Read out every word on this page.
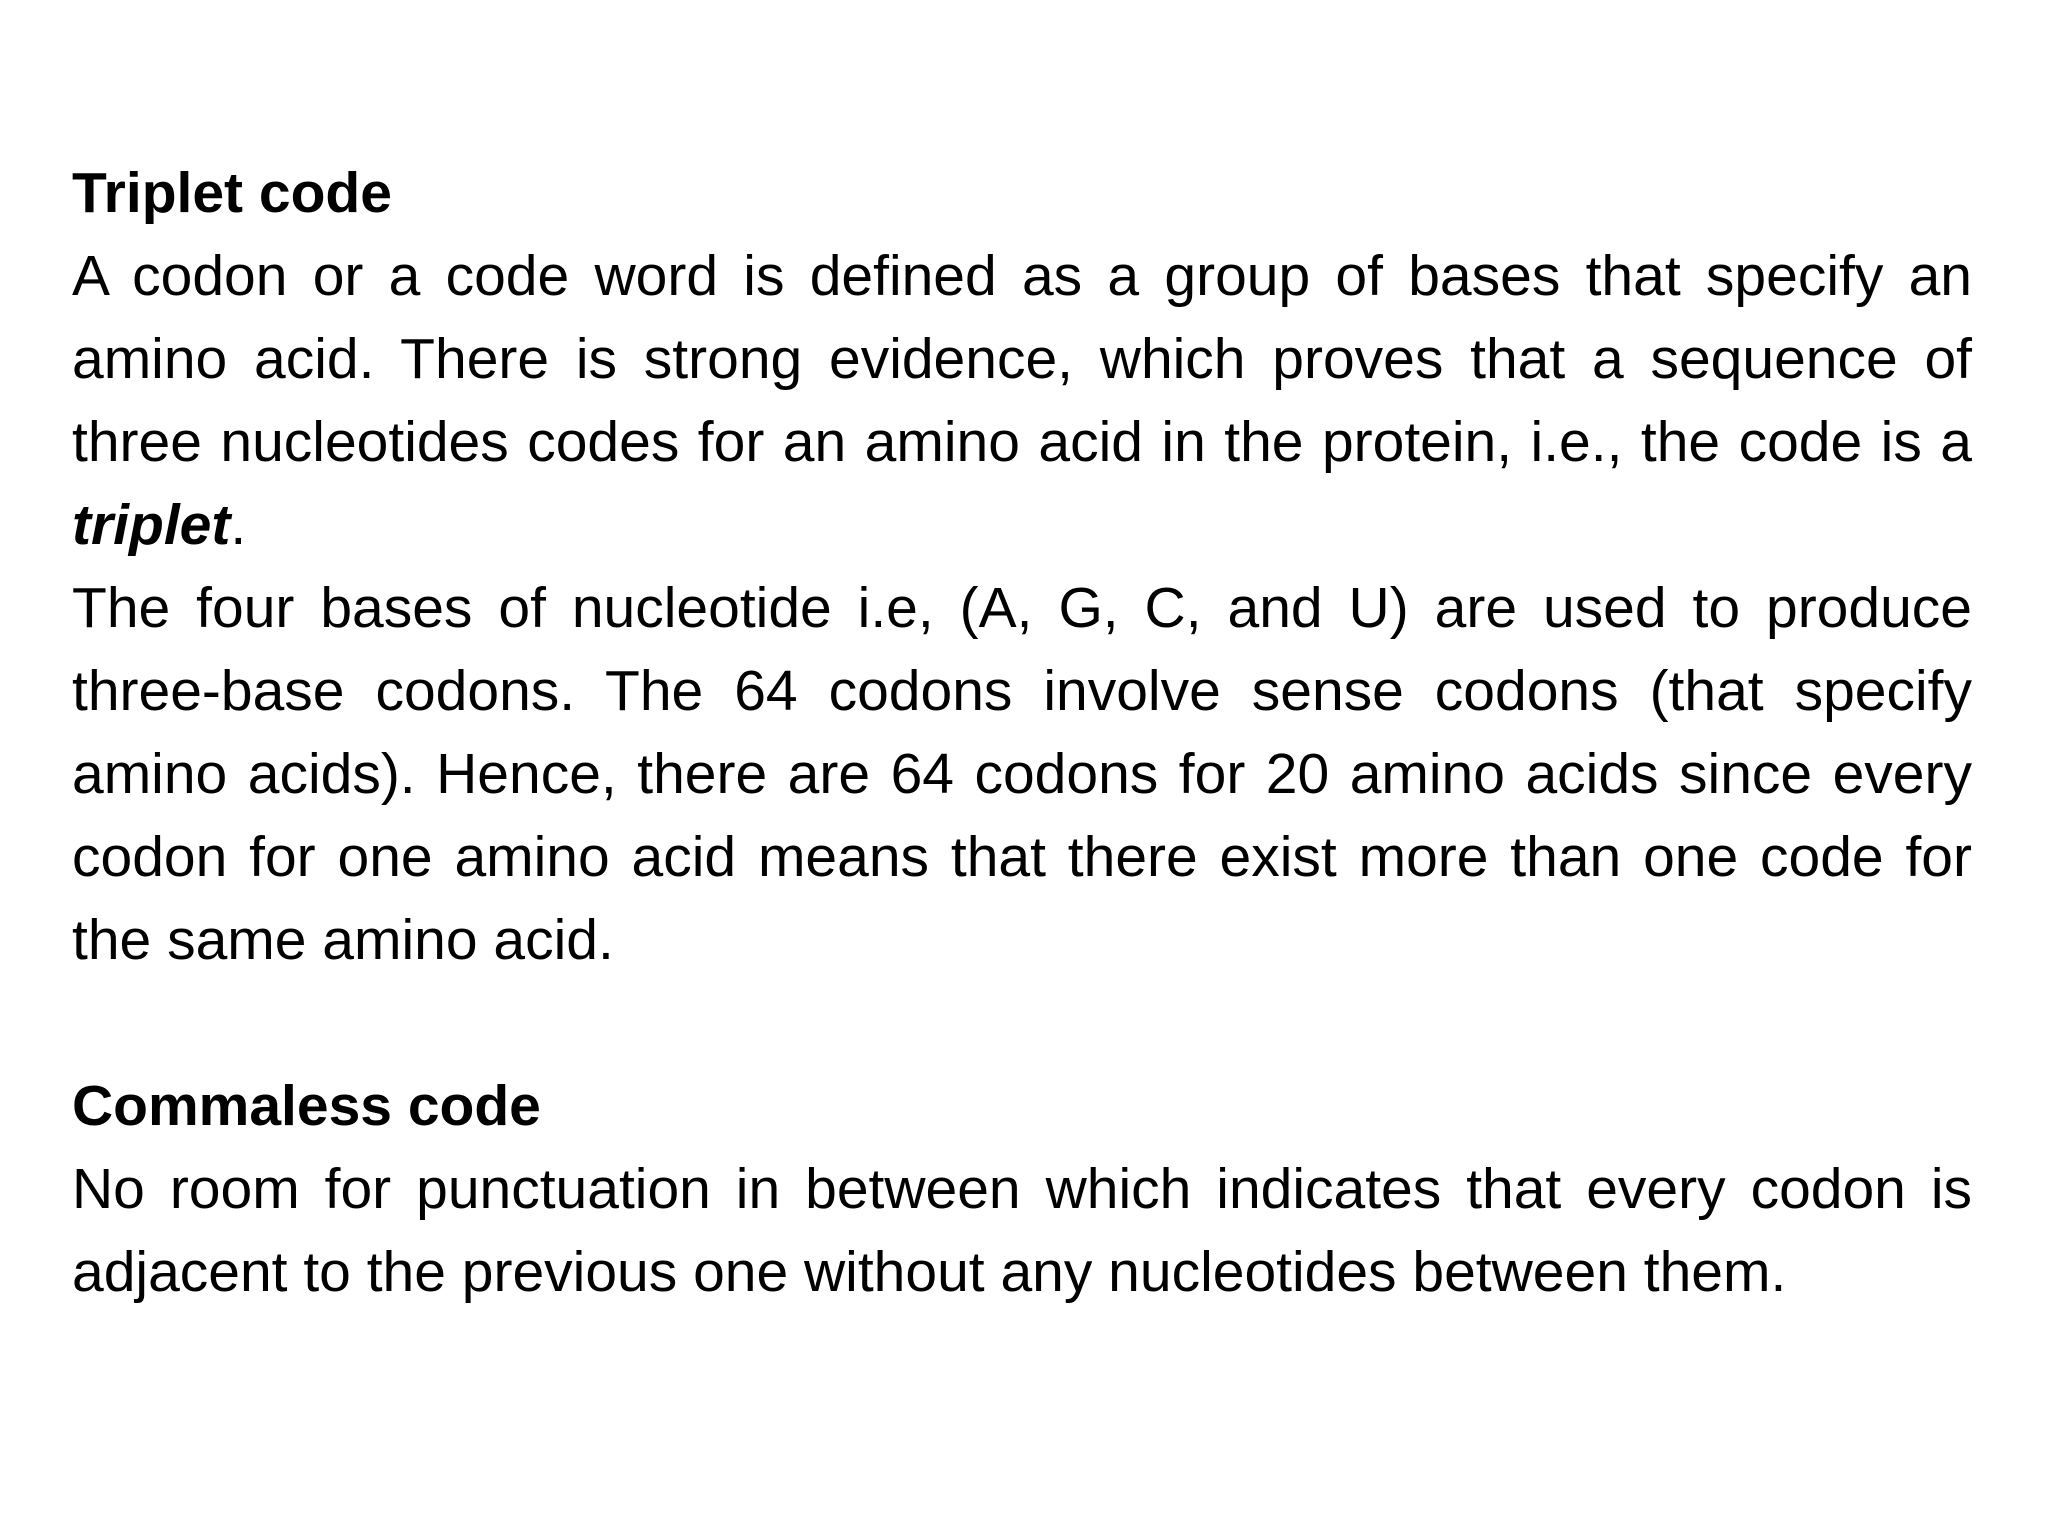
Triplet code

A codon or a code word is defined as a group of bases that specify an amino acid. There is strong evidence, which proves that a sequence of three nucleotides codes for an amino acid in the protein, i.e., the code is a triplet.

The four bases of nucleotide i.e, (A, G, C, and U) are used to produce three-base codons. The 64 codons involve sense codons (that specify amino acids). Hence, there are 64 codons for 20 amino acids since every codon for one amino acid means that there exist more than one code for the same amino acid.

Commaless code

No room for punctuation in between which indicates that every codon is adjacent to the previous one without any nucleotides between them.
